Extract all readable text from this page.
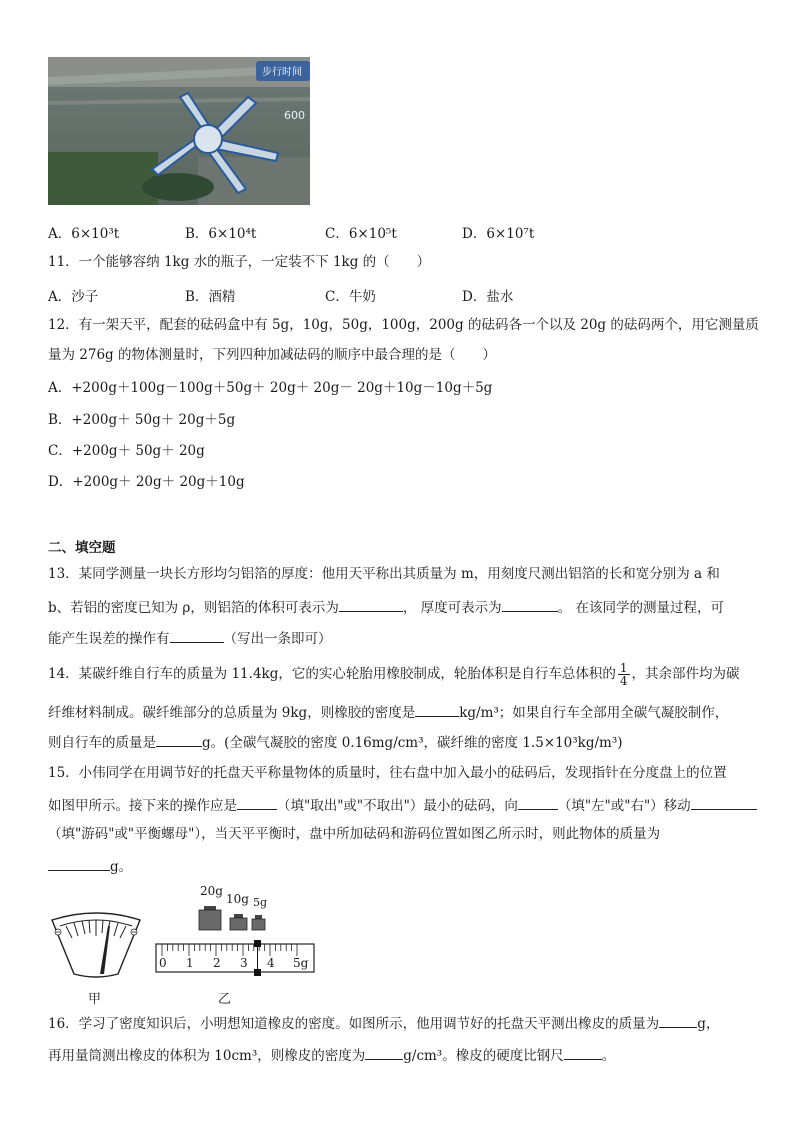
步行时间
600
A．6×10³t	B．6×10⁴t	C．6×10⁵t	D．6×10⁷t
11．一个能够容纳 1kg 水的瓶子，一定装不下 1kg 的（　　）
A．沙子	B．酒精	C．牛奶	D．盐水
12．有一架天平，配套的砝码盒中有 5g，10g，50g，100g，200g 的砝码各一个以及 20g 的砝码两个，用它测量质
量为 276g 的物体测量时，下列四种加减砝码的顺序中最合理的是（　　）
A．+200g＋100g－100g＋50g＋ 20g＋ 20g－ 20g＋10g－10g＋5g
B．+200g＋ 50g＋ 20g＋5g
C．+200g＋ 50g＋ 20g
D．+200g＋ 20g＋ 20g＋10g
二、填空题
13．某同学测量一块长方形均匀铝箔的厚度：他用天平称出其质量为 m，用刻度尺测出铝箔的长和宽分别为 a 和
b、若铝的密度已知为 ρ，则铝箔的体积可表示为	， 厚度可表示为	。 在该同学的测量过程，可
能产生误差的操作有	（写出一条即可）
14．某碳纤维自行车的质量为 11.4kg，它的实心轮胎用橡胶制成，轮胎体积是自行车总体积的 $\frac{1}{4}$ ，其余部件均为碳
纤维材料制成。碳纤维部分的总质量为 9kg，则橡胶的密度是	kg/m³；如果自行车全部用全碳气凝胶制作，
则自行车的质量是	g。(全碳气凝胶的密度 0.16mg/cm³，碳纤维的密度 1.5×10³kg/m³)
15．小伟同学在用调节好的托盘天平称量物体的质量时，往右盘中加入最小的砝码后，发现指针在分度盘上的位置
如图甲所示。接下来的操作应是	（填"取出"或"不取出"）最小的砝码，向	（填"左"或"右"）移动
（填"游码"或"平衡螺母"），当天平平衡时，盘中所加砝码和游码位置如图乙所示时，则此物体的质量为
g。
甲
20g
10g 5g
0 1 2 3 4 5g
乙
16．学习了密度知识后，小明想知道橡皮的密度。如图所示，他用调节好的托盘天平测出橡皮的质量为	g，
再用量筒测出橡皮的体积为 10cm³，则橡皮的密度为	g/cm³。橡皮的硬度比钢尺	。
